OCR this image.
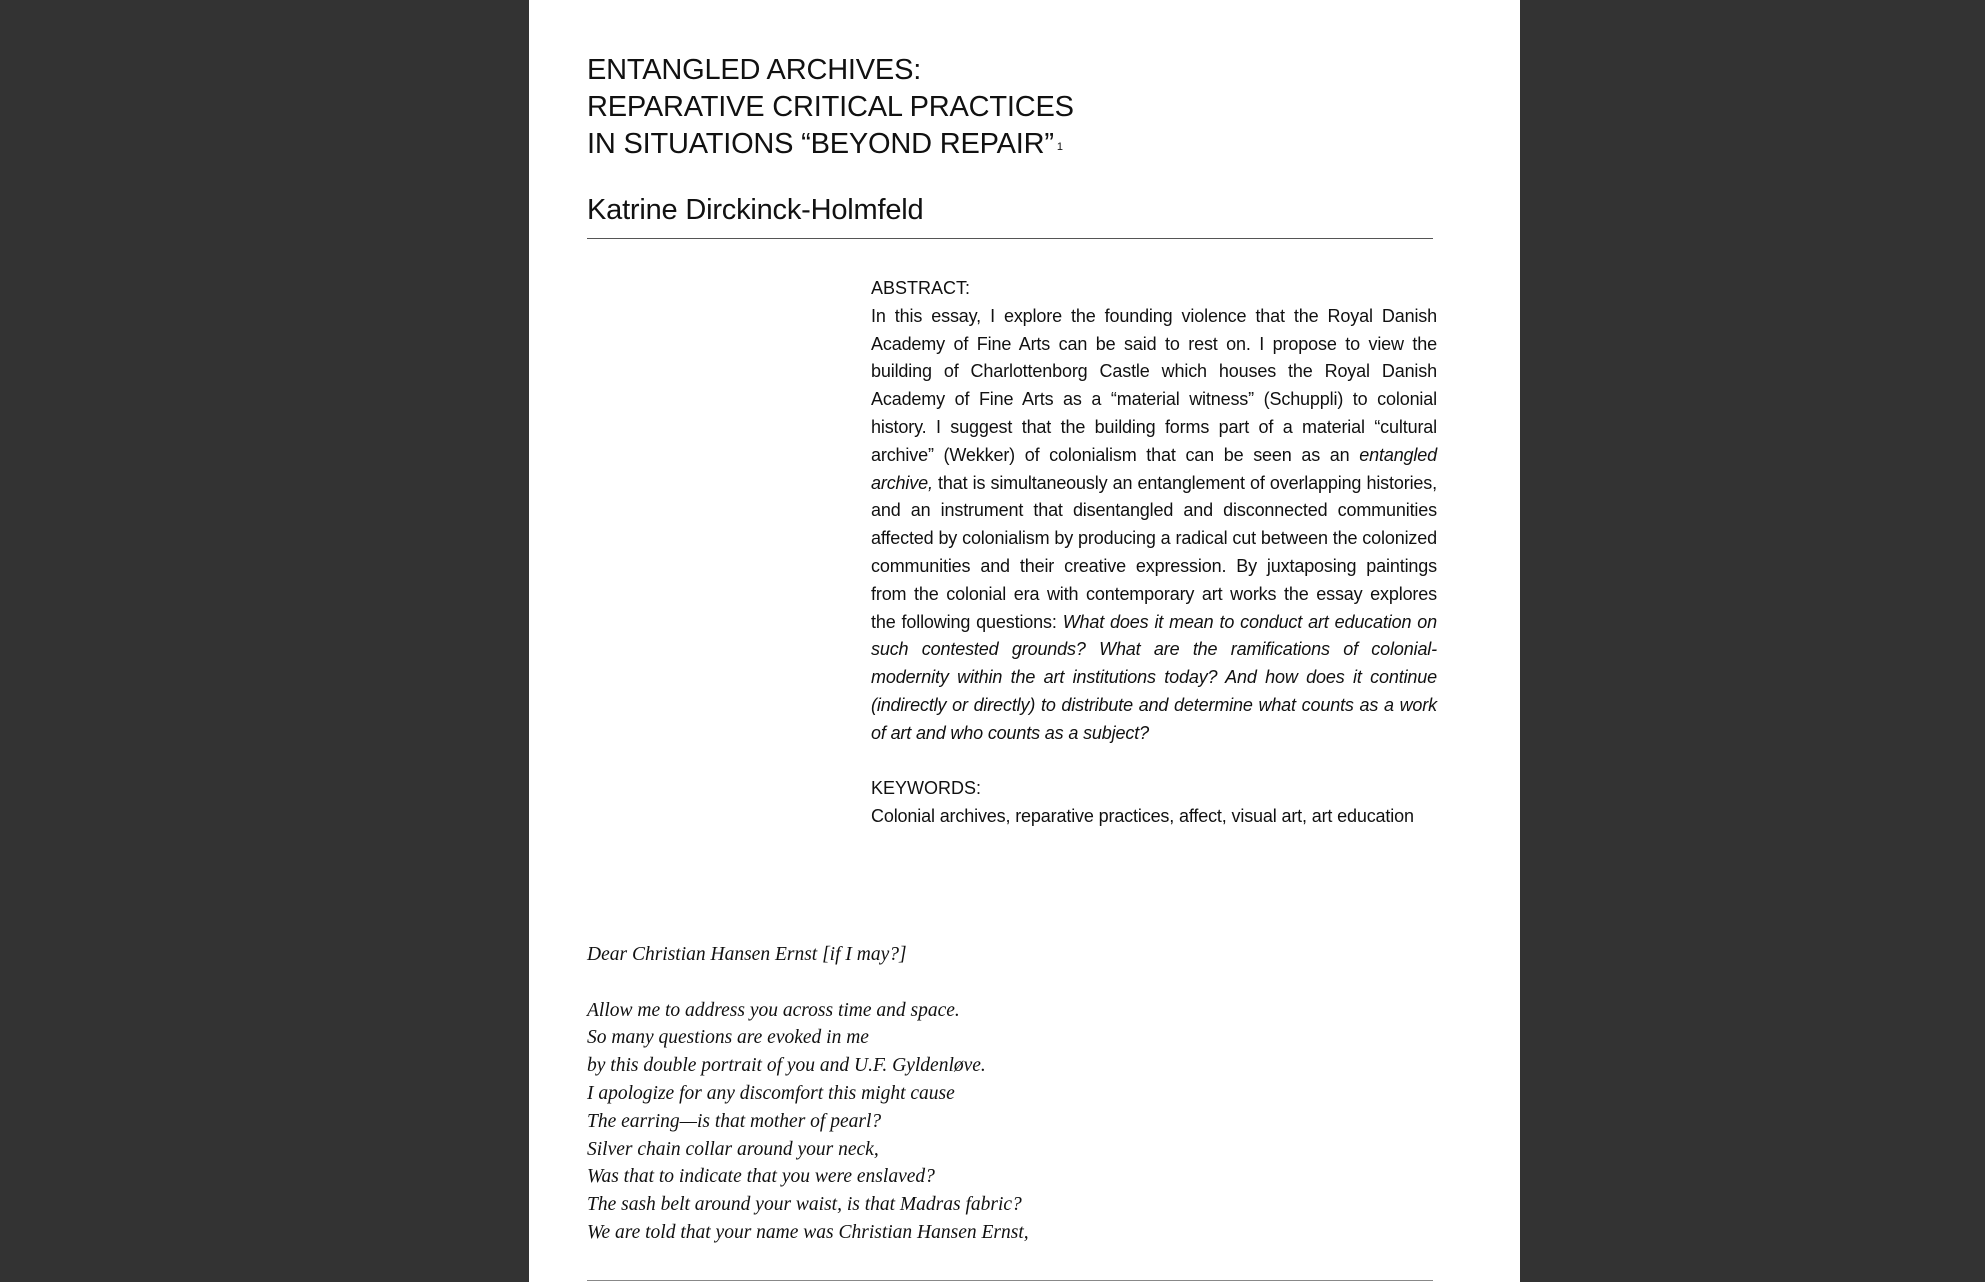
ENTANGLED ARCHIVES:
REPARATIVE CRITICAL PRACTICES
IN SITUATIONS “BEYOND REPAIR” $^1$
Katrine Dirckinck-Holmfeld
ABSTRACT:
In this essay, I explore the founding violence that the Royal Danish Academy of Fine Arts can be said to rest on. I propose to view the building of Charlottenborg Castle which houses the Royal Danish Academy of Fine Arts as a “material witness” (Schuppli) to colonial history. I suggest that the building forms part of a material “cultural archive” (Wekker) of colonialism that can be seen as an entangled archive, that is simultaneously an entanglement of overlapping histories, and an instrument that disentangled and disconnected communities affected by colonialism by producing a radical cut between the colonized communities and their creative expression. By juxtaposing paintings from the colonial era with contemporary art works the essay explores the following questions: What does it mean to conduct art education on such contested grounds? What are the ramifications of colonial-modernity within the art institutions today? And how does it continue (indirectly or directly) to distribute and determine what counts as a work of art and who counts as a subject?
KEYWORDS:
Colonial archives, reparative practices, affect, visual art, art education
Dear Christian Hansen Ernst [if I may?]
Allow me to address you across time and space.
So many questions are evoked in me
by this double portrait of you and U.F. Gyldenløve.
I apologize for any discomfort this might cause
The earring—is that mother of pearl?
Silver chain collar around your neck,
Was that to indicate that you were enslaved?
The sash belt around your waist, is that Madras fabric?
We are told that your name was Christian Hansen Ernst,
